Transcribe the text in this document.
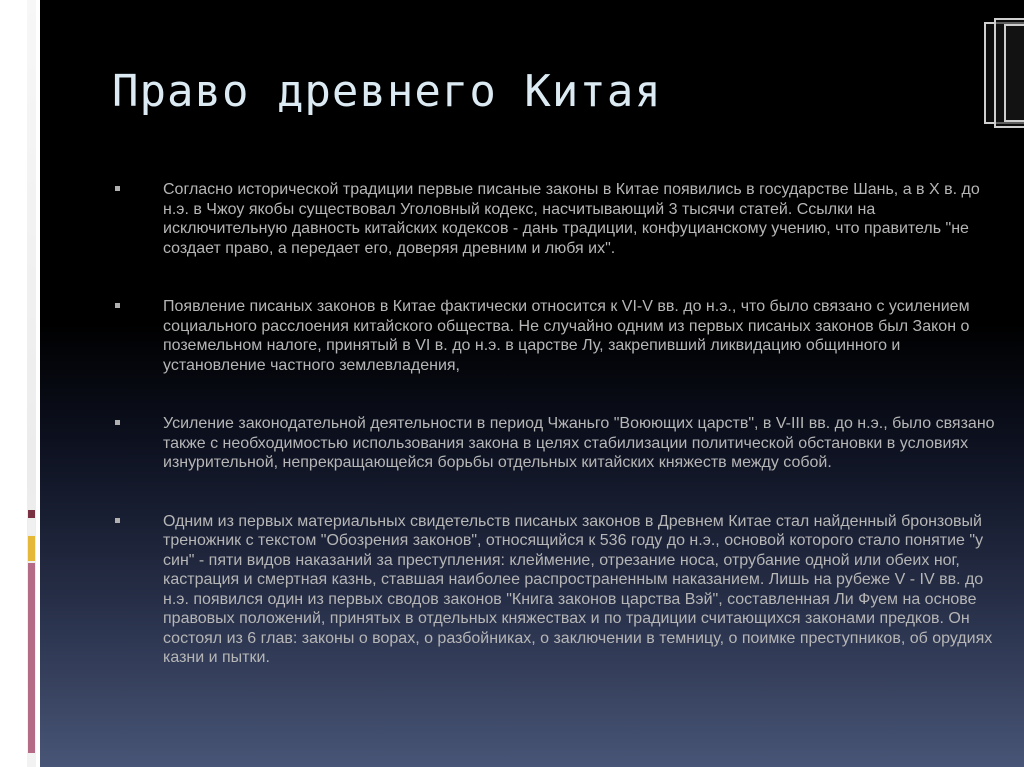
Право древнего Китая
Согласно исторической традиции первые писаные законы в Китае появились в государстве Шань, а в X в. до н.э. в Чжоу якобы существовал Уголовный кодекс, насчитывающий 3 тысячи статей. Ссылки на исключительную давность китайских кодексов - дань традиции, конфуцианскому учению, что правитель "не создает право, а передает его, доверяя древним и любя их".
Появление писаных законов в Китае фактически относится к VI-V вв. до н.э., что было связано с усилением социального расслоения китайского общества. Не случайно одним из первых писаных законов был Закон о поземельном налоге, принятый в VI в. до н.э. в царстве Лу, закрепивший ликвидацию общинного и установление частного землевладения,
Усиление законодательной деятельности в период Чжаньго "Воюющих царств", в V-III вв. до н.э., было связано также с необходимостью использования закона в целях стабилизации политической обстановки в условиях изнурительной, непрекращающейся борьбы отдельных китайских княжеств между собой.
Одним из первых материальных свидетельств писаных законов в Древнем Китае стал найденный бронзовый треножник с текстом "Обозрения законов", относящийся к 536 году до н.э., основой которого стало понятие "у син" - пяти видов наказаний за преступления: клеймение, отрезание носа, отрубание одной или обеих ног, кастрация и смертная казнь, ставшая наиболее распространенным наказанием. Лишь на рубеже V - IV вв. до н.э. появился один из первых сводов законов "Книга законов царства Вэй", составленная Ли Фуем на основе правовых положений, принятых в отдельных княжествах и по традиции считающихся законами предков. Он состоял из 6 глав: законы о ворах, о разбойниках, о заключении в темницу, о поимке преступников, об орудиях казни и пытки.
